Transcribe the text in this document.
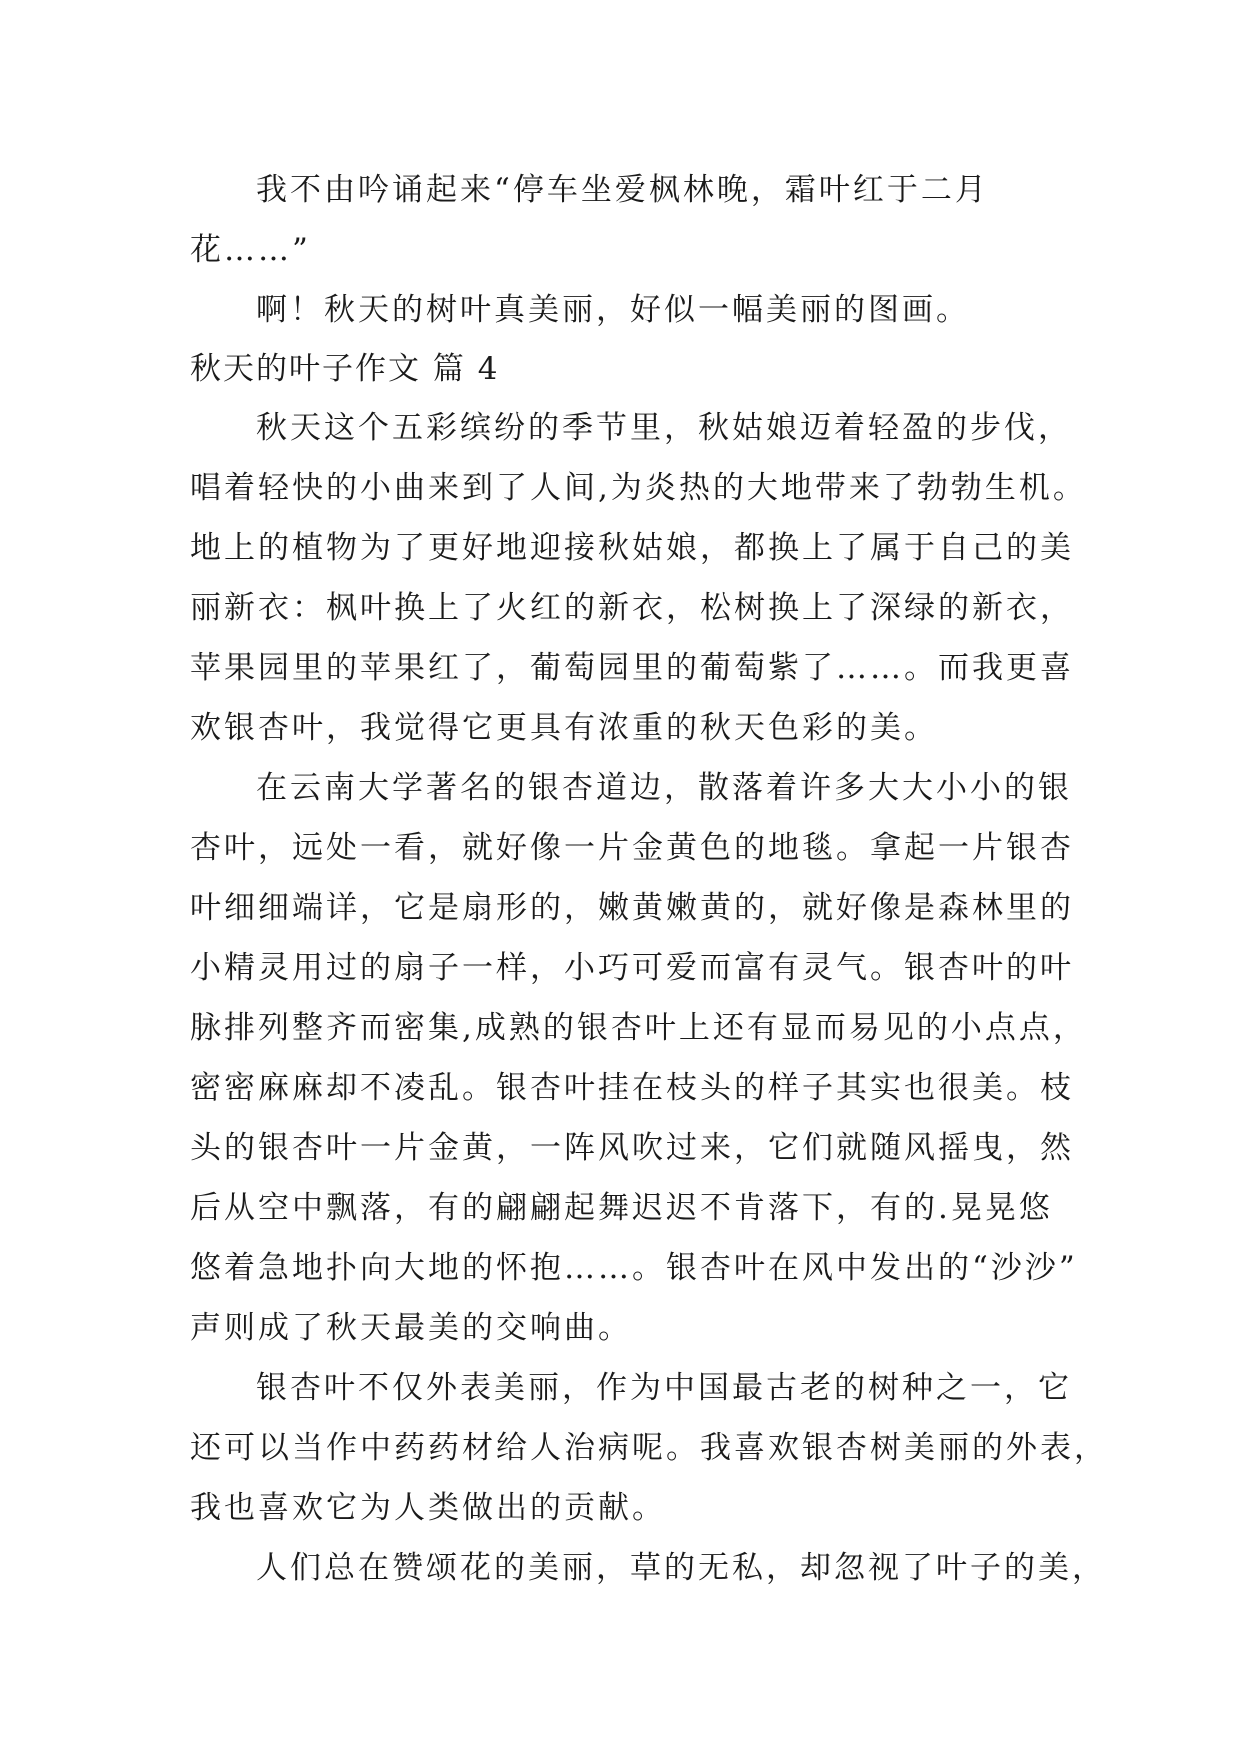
我不由吟诵起来“停车坐爱枫林晚，霜叶红于二月
花……”
啊！秋天的树叶真美丽，好似一幅美丽的图画。
秋天的叶子作文 篇 4
秋天这个五彩缤纷的季节里，秋姑娘迈着轻盈的步伐，
唱着轻快的小曲来到了人间,为炎热的大地带来了勃勃生机。
地上的植物为了更好地迎接秋姑娘，都换上了属于自己的美
丽新衣：枫叶换上了火红的新衣，松树换上了深绿的新衣，
苹果园里的苹果红了，葡萄园里的葡萄紫了……。而我更喜
欢银杏叶，我觉得它更具有浓重的秋天色彩的美。
在云南大学著名的银杏道边，散落着许多大大小小的银
杏叶，远处一看，就好像一片金黄色的地毯。拿起一片银杏
叶细细端详，它是扇形的，嫩黄嫩黄的，就好像是森林里的
小精灵用过的扇子一样，小巧可爱而富有灵气。银杏叶的叶
脉排列整齐而密集,成熟的银杏叶上还有显而易见的小点点，
密密麻麻却不凌乱。银杏叶挂在枝头的样子其实也很美。枝
头的银杏叶一片金黄，一阵风吹过来，它们就随风摇曳，然
后从空中飘落，有的翩翩起舞迟迟不肯落下，有的.晃晃悠
悠着急地扑向大地的怀抱……。银杏叶在风中发出的“沙沙”
声则成了秋天最美的交响曲。
银杏叶不仅外表美丽，作为中国最古老的树种之一，它
还可以当作中药药材给人治病呢。我喜欢银杏树美丽的外表，
我也喜欢它为人类做出的贡献。
人们总在赞颂花的美丽，草的无私，却忽视了叶子的美，
